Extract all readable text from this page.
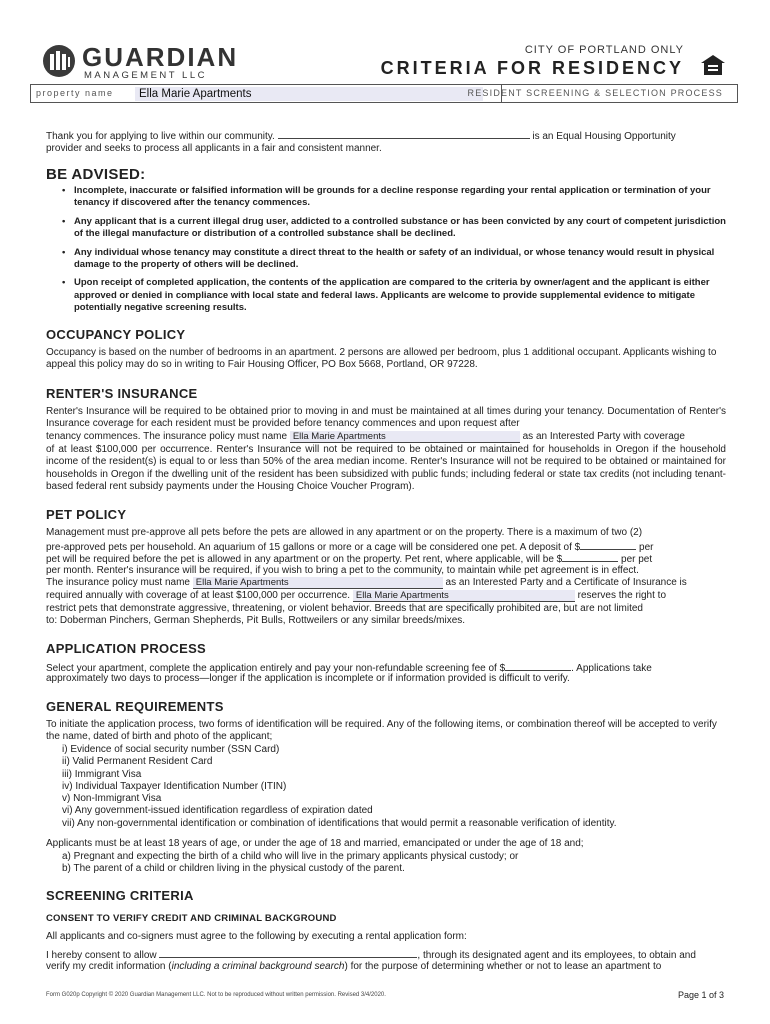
GUARDIAN
MANAGEMENT LLC
CITY OF PORTLAND ONLY
CRITERIA FOR RESIDENCY
property name	Ella Marie Apartments	RESIDENT SCREENING & SELECTION PROCESS
Thank you for applying to live within our community.	is an Equal Housing Opportunity
provider and seeks to process all applicants in a fair and consistent manner.
BE ADVISED:
• Incomplete, inaccurate or falsified information will be grounds for a decline response regarding your rental application or termination of your tenancy if discovered after the tenancy commences.
• Any applicant that is a current illegal drug user, addicted to a controlled substance or has been convicted by any court of competent jurisdiction of the illegal manufacture or distribution of a controlled substance shall be declined.
• Any individual whose tenancy may constitute a direct threat to the health or safety of an individual, or whose tenancy would result in physical damage to the property of others will be declined.
• Upon receipt of completed application, the contents of the application are compared to the criteria by owner/agent and the applicant is either approved or denied in compliance with local state and federal laws. Applicants are welcome to provide supplemental evidence to mitigate potentially negative screening results.
OCCUPANCY POLICY
Occupancy is based on the number of bedrooms in an apartment. 2 persons are allowed per bedroom, plus 1 additional occupant. Applicants wishing to appeal this policy may do so in writing to Fair Housing Officer, PO Box 5668, Portland, OR 97228.
RENTER'S INSURANCE
Renter's Insurance will be required to be obtained prior to moving in and must be maintained at all times during your tenancy. Documentation of Renter's Insurance coverage for each resident must be provided before tenancy commences and upon request after
tenancy commences. The insurance policy must name Ella Marie Apartments	as an Interested Party with coverage
of at least $100,000 per occurrence. Renter's Insurance will not be required to be obtained or maintained for households in Oregon if the household income of the resident(s) is equal to or less than 50% of the area median income. Renter's Insurance will not be required to be obtained or maintained for households in Oregon if the dwelling unit of the resident has been subsidized with public funds; including federal or state tax credits (not including tenant-based federal rent subsidy payments under the Housing Choice Voucher Program).
PET POLICY
Management must pre-approve all pets before the pets are allowed in any apartment or on the property. There is a maximum of two (2)
pre-approved pets per household. An aquarium of 15 gallons or more or a cage will be considered one pet. A deposit of $	per
pet will be required before the pet is allowed in any apartment or on the property. Pet rent, where applicable, will be $	per pet
per month. Renter's insurance will be required, if you wish to bring a pet to the community, to maintain while pet agreement is in effect.
The insurance policy must name Ella Marie Apartments	as an Interested Party and a Certificate of Insurance is
required annually with coverage of at least $100,000 per occurrence. Ella Marie Apartments	reserves the right to
restrict pets that demonstrate aggressive, threatening, or violent behavior. Breeds that are specifically prohibited are, but are not limited
to: Doberman Pinchers, German Shepherds, Pit Bulls, Rottweilers or any similar breeds/mixes.
APPLICATION PROCESS
Select your apartment, complete the application entirely and pay your non-refundable screening fee of $	. Applications take
approximately two days to process—longer if the application is incomplete or if information provided is difficult to verify.
GENERAL REQUIREMENTS
To initiate the application process, two forms of identification will be required. Any of the following items, or combination thereof will be accepted to verify the name, dated of birth and photo of the applicant;
i) Evidence of social security number (SSN Card)
ii) Valid Permanent Resident Card
iii) Immigrant Visa
iv) Individual Taxpayer Identification Number (ITIN)
v) Non-Immigrant Visa
vi) Any government-issued identification regardless of expiration dated
vii) Any non-governmental identification or combination of identifications that would permit a reasonable verification of identity.
Applicants must be at least 18 years of age, or under the age of 18 and married, emancipated or under the age of 18 and;
a) Pregnant and expecting the birth of a child who will live in the primary applicants physical custody; or
b) The parent of a child or children living in the physical custody of the parent.
SCREENING CRITERIA
CONSENT TO VERIFY CREDIT AND CRIMINAL BACKGROUND
All applicants and co-signers must agree to the following by executing a rental application form:
I hereby consent to allow	, through its designated agent and its employees, to obtain and
verify my credit information (including a criminal background search) for the purpose of determining whether or not to lease an apartment to
Form G020p Copyright © 2020 Guardian Management LLC. Not to be reproduced without written permission. Revised 3/4/2020.	Page 1 of 3
